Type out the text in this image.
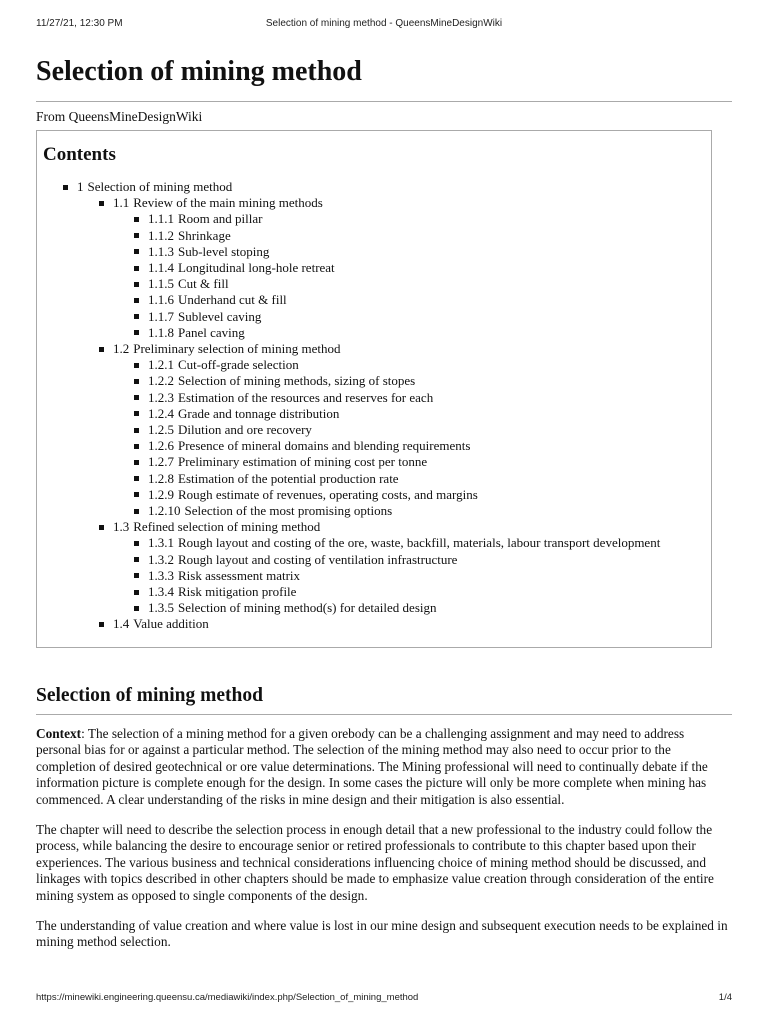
11/27/21, 12:30 PM	Selection of mining method - QueensMineDesignWiki
Selection of mining method
From QueensMineDesignWiki
Contents
1 Selection of mining method
1.1 Review of the main mining methods
1.1.1 Room and pillar
1.1.2 Shrinkage
1.1.3 Sub-level stoping
1.1.4 Longitudinal long-hole retreat
1.1.5 Cut & fill
1.1.6 Underhand cut & fill
1.1.7 Sublevel caving
1.1.8 Panel caving
1.2 Preliminary selection of mining method
1.2.1 Cut-off-grade selection
1.2.2 Selection of mining methods, sizing of stopes
1.2.3 Estimation of the resources and reserves for each
1.2.4 Grade and tonnage distribution
1.2.5 Dilution and ore recovery
1.2.6 Presence of mineral domains and blending requirements
1.2.7 Preliminary estimation of mining cost per tonne
1.2.8 Estimation of the potential production rate
1.2.9 Rough estimate of revenues, operating costs, and margins
1.2.10 Selection of the most promising options
1.3 Refined selection of mining method
1.3.1 Rough layout and costing of the ore, waste, backfill, materials, labour transport development
1.3.2 Rough layout and costing of ventilation infrastructure
1.3.3 Risk assessment matrix
1.3.4 Risk mitigation profile
1.3.5 Selection of mining method(s) for detailed design
1.4 Value addition
Selection of mining method

Context: The selection of a mining method for a given orebody can be a challenging assignment and may need to address personal bias for or against a particular method. The selection of the mining method may also need to occur prior to the completion of desired geotechnical or ore value determinations. The Mining professional will need to continually debate if the information picture is complete enough for the design. In some cases the picture will only be more complete when mining has commenced. A clear understanding of the risks in mine design and their mitigation is also essential.

The chapter will need to describe the selection process in enough detail that a new professional to the industry could follow the process, while balancing the desire to encourage senior or retired professionals to contribute to this chapter based upon their experiences. The various business and technical considerations influencing choice of mining method should be discussed, and linkages with topics described in other chapters should be made to emphasize value creation through consideration of the entire mining system as opposed to single components of the design.

The understanding of value creation and where value is lost in our mine design and subsequent execution needs to be explained in mining method selection.

https://minewiki.engineering.queensu.ca/mediawiki/index.php/Selection_of_mining_method	1/4
